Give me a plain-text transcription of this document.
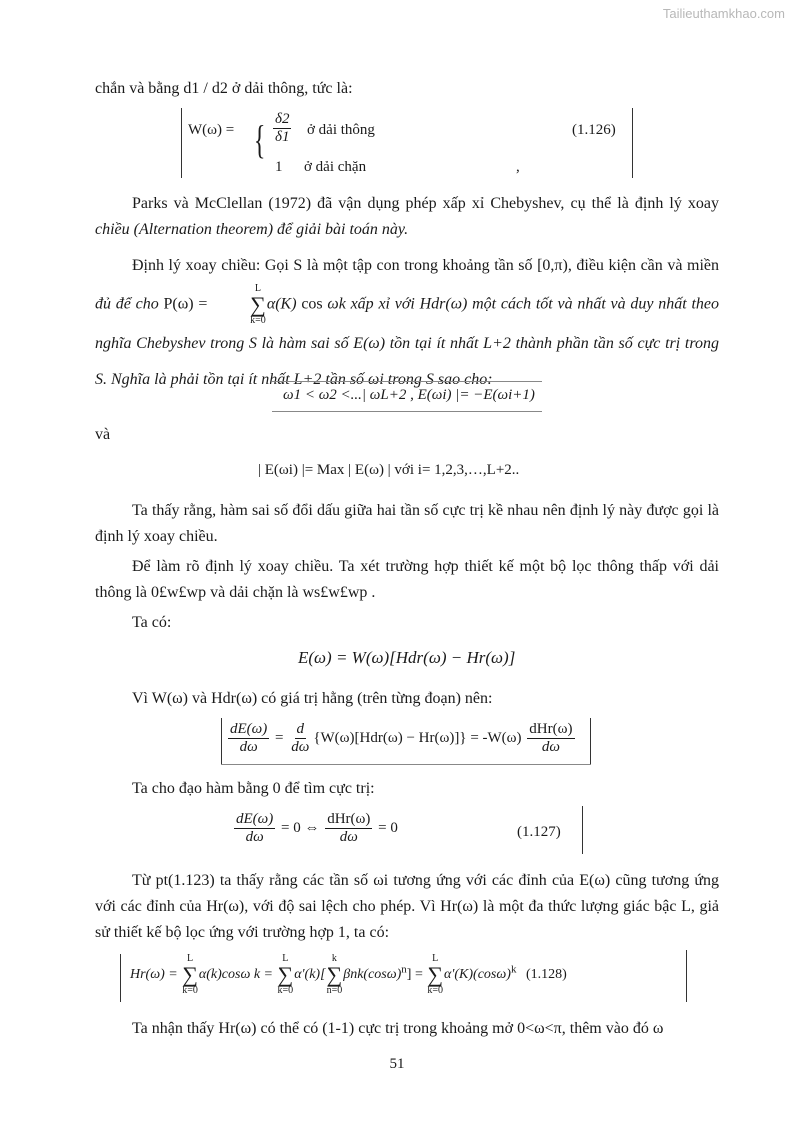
Tailieuthamkhao.com
chắn và bằng d1 / d2 ở dải thông, tức là:
W(ω) = { $\frac{\delta 2}{\delta 1}$ ở dải thông
1 ở dải chặn	,
(1.126)
Parks và McClellan (1972) đã vận dụng phép xấp xỉ Chebyshev, cụ thể là định lý xoay chiều (Alternation theorem) để giải bài toán này.
Định lý xoay chiều: Gọi S là một tập con trong khoảng tần số [0,π), điều kiện cần và miền đủ để cho P(ω) =
L
∑
k=0
α(K) cos ωk xấp xỉ với Hdr(ω) một cách tốt và nhất và duy nhất theo nghĩa Chebyshev trong S là hàm sai số E(ω) tồn tại ít nhất L+2 thành phần tần số cực trị trong S. Nghĩa là phải tồn tại ít nhất L+2 tần số ωi trong S sao cho:
ω1 < ω2 <...| ωL+2 , E(ωi) |= −E(ωi+1)
và
| E(ωi) |= Max | E(ω) | với i= 1,2,3,…,L+2..
Ta thấy rằng, hàm sai số đổi dấu giữa hai tần số cực trị kề nhau nên định lý này được gọi là định lý xoay chiều.
Để làm rõ định lý xoay chiều. Ta xét trường hợp thiết kế một bộ lọc thông thấp với dải thông là 0£w£wp và dải chặn là ws£w£wp .
Ta có:
E(ω) = W(ω)[Hdr(ω) − Hr(ω)]
Vì W(ω) và Hdr(ω) có giá trị hằng (trên từng đoạn) nên:
$\frac{dE(\omega)}{d\omega} = \frac{d}{d\omega} \{W(\omega)[Hdr(\omega) - Hr(\omega)]\} = -W(\omega) \frac{\text{dHr(ω)}}{d\omega}$
Ta cho đạo hàm bằng 0 để tìm cực trị:
$\frac{dE(\omega)}{d\omega} = 0$ ⇔ $\frac{\text{dHr(ω)}}{d\omega} = 0$	(1.127)
Từ pt(1.123) ta thấy rằng các tần số ωi tương ứng với các đỉnh của E(ω) cũng tương ứng với các đỉnh của Hr(ω), với độ sai lệch cho phép. Vì Hr(ω) là một đa thức lượng giác bậc L, giả sử thiết kế bộ lọc ứng với trường hợp 1, ta có:
Hr(ω) =
L
∑
k=0
α(k)cosω k =
L
∑
k=0
α'(k)[
k
∑
n=0
$\beta nk(\cos\omega)^n$] =
L
∑
k=0
$\alpha'(K)(\cos\omega)^k$ (1.128)
Ta nhận thấy Hr(ω) có thể có (1-1) cực trị trong khoảng mở 0<ω<π, thêm vào đó ω
51
